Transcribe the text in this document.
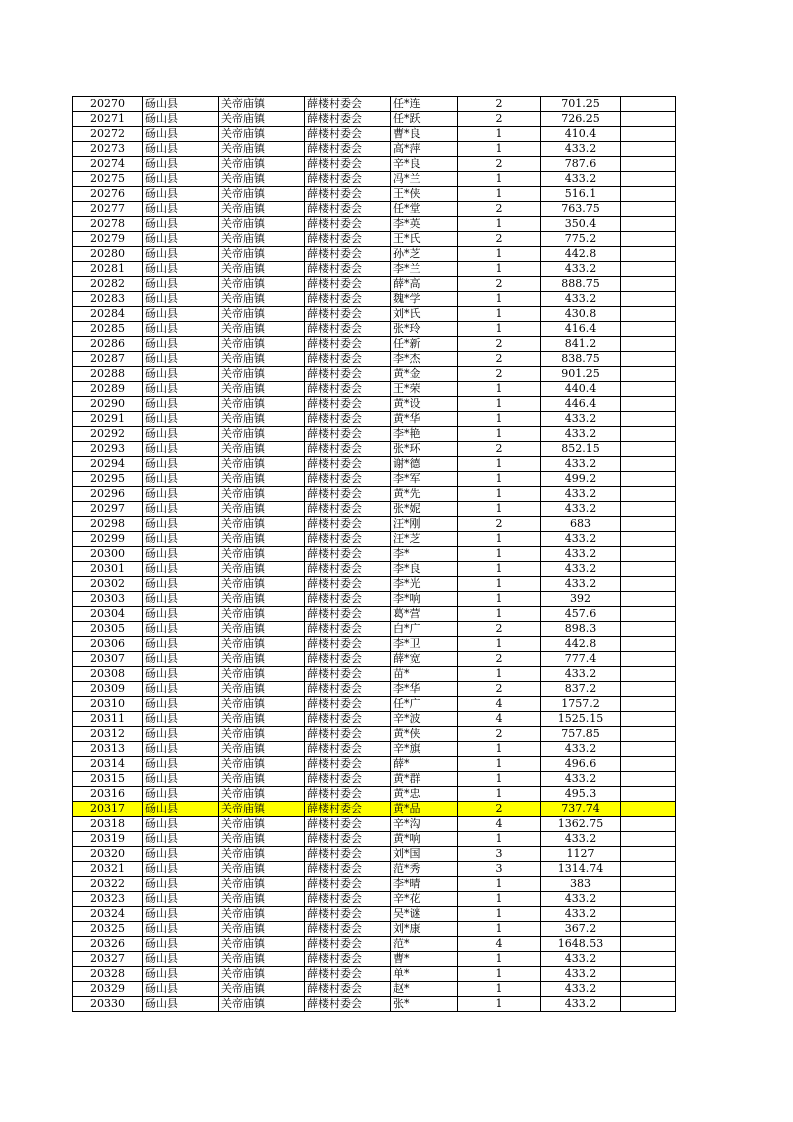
20270	砀山县	关帝庙镇	薛楼村委会	任*连	2	701.25	
20271	砀山县	关帝庙镇	薛楼村委会	任*跃	2	726.25	
20272	砀山县	关帝庙镇	薛楼村委会	曹*良	1	410.4	
20273	砀山县	关帝庙镇	薛楼村委会	高*萍	1	433.2	
20274	砀山县	关帝庙镇	薛楼村委会	辛*良	2	787.6	
20275	砀山县	关帝庙镇	薛楼村委会	冯*兰	1	433.2	
20276	砀山县	关帝庙镇	薛楼村委会	王*侠	1	516.1	
20277	砀山县	关帝庙镇	薛楼村委会	任*堂	2	763.75	
20278	砀山县	关帝庙镇	薛楼村委会	李*英	1	350.4	
20279	砀山县	关帝庙镇	薛楼村委会	王*氏	2	775.2	
20280	砀山县	关帝庙镇	薛楼村委会	孙*芝	1	442.8	
20281	砀山县	关帝庙镇	薛楼村委会	李*兰	1	433.2	
20282	砀山县	关帝庙镇	薛楼村委会	薛*高	2	888.75	
20283	砀山县	关帝庙镇	薛楼村委会	魏*学	1	433.2	
20284	砀山县	关帝庙镇	薛楼村委会	刘*氏	1	430.8	
20285	砀山县	关帝庙镇	薛楼村委会	张*玲	1	416.4	
20286	砀山县	关帝庙镇	薛楼村委会	任*新	2	841.2	
20287	砀山县	关帝庙镇	薛楼村委会	李*杰	2	838.75	
20288	砀山县	关帝庙镇	薛楼村委会	黄*金	2	901.25	
20289	砀山县	关帝庙镇	薛楼村委会	王*荣	1	440.4	
20290	砀山县	关帝庙镇	薛楼村委会	黄*设	1	446.4	
20291	砀山县	关帝庙镇	薛楼村委会	黄*华	1	433.2	
20292	砀山县	关帝庙镇	薛楼村委会	李*艳	1	433.2	
20293	砀山县	关帝庙镇	薛楼村委会	张*环	2	852.15	
20294	砀山县	关帝庙镇	薛楼村委会	谢*德	1	433.2	
20295	砀山县	关帝庙镇	薛楼村委会	李*军	1	499.2	
20296	砀山县	关帝庙镇	薛楼村委会	黄*先	1	433.2	
20297	砀山县	关帝庙镇	薛楼村委会	张*妮	1	433.2	
20298	砀山县	关帝庙镇	薛楼村委会	汪*刚	2	683	
20299	砀山县	关帝庙镇	薛楼村委会	汪*芝	1	433.2	
20300	砀山县	关帝庙镇	薛楼村委会	李*	1	433.2	
20301	砀山县	关帝庙镇	薛楼村委会	李*良	1	433.2	
20302	砀山县	关帝庙镇	薛楼村委会	李*光	1	433.2	
20303	砀山县	关帝庙镇	薛楼村委会	李*响	1	392	
20304	砀山县	关帝庙镇	薛楼村委会	葛*营	1	457.6	
20305	砀山县	关帝庙镇	薛楼村委会	白*广	2	898.3	
20306	砀山县	关帝庙镇	薛楼村委会	李*卫	1	442.8	
20307	砀山县	关帝庙镇	薛楼村委会	薛*宽	2	777.4	
20308	砀山县	关帝庙镇	薛楼村委会	苗*	1	433.2	
20309	砀山县	关帝庙镇	薛楼村委会	李*华	2	837.2	
20310	砀山县	关帝庙镇	薛楼村委会	任*广	4	1757.2	
20311	砀山县	关帝庙镇	薛楼村委会	辛*波	4	1525.15	
20312	砀山县	关帝庙镇	薛楼村委会	黄*侠	2	757.85	
20313	砀山县	关帝庙镇	薛楼村委会	辛*旗	1	433.2	
20314	砀山县	关帝庙镇	薛楼村委会	薛*	1	496.6	
20315	砀山县	关帝庙镇	薛楼村委会	黄*群	1	433.2	
20316	砀山县	关帝庙镇	薛楼村委会	黄*忠	1	495.3	
20317	砀山县	关帝庙镇	薛楼村委会	黄*品	2	737.74	
20318	砀山县	关帝庙镇	薛楼村委会	辛*沟	4	1362.75	
20319	砀山县	关帝庙镇	薛楼村委会	黄*响	1	433.2	
20320	砀山县	关帝庙镇	薛楼村委会	刘*国	3	1127	
20321	砀山县	关帝庙镇	薛楼村委会	范*秀	3	1314.74	
20322	砀山县	关帝庙镇	薛楼村委会	李*晴	1	383	
20323	砀山县	关帝庙镇	薛楼村委会	辛*花	1	433.2	
20324	砀山县	关帝庙镇	薛楼村委会	吴*谜	1	433.2	
20325	砀山县	关帝庙镇	薛楼村委会	刘*康	1	367.2	
20326	砀山县	关帝庙镇	薛楼村委会	范*	4	1648.53	
20327	砀山县	关帝庙镇	薛楼村委会	曹*	1	433.2	
20328	砀山县	关帝庙镇	薛楼村委会	单*	1	433.2	
20329	砀山县	关帝庙镇	薛楼村委会	赵*	1	433.2	
20330	砀山县	关帝庙镇	薛楼村委会	张*	1	433.2	
